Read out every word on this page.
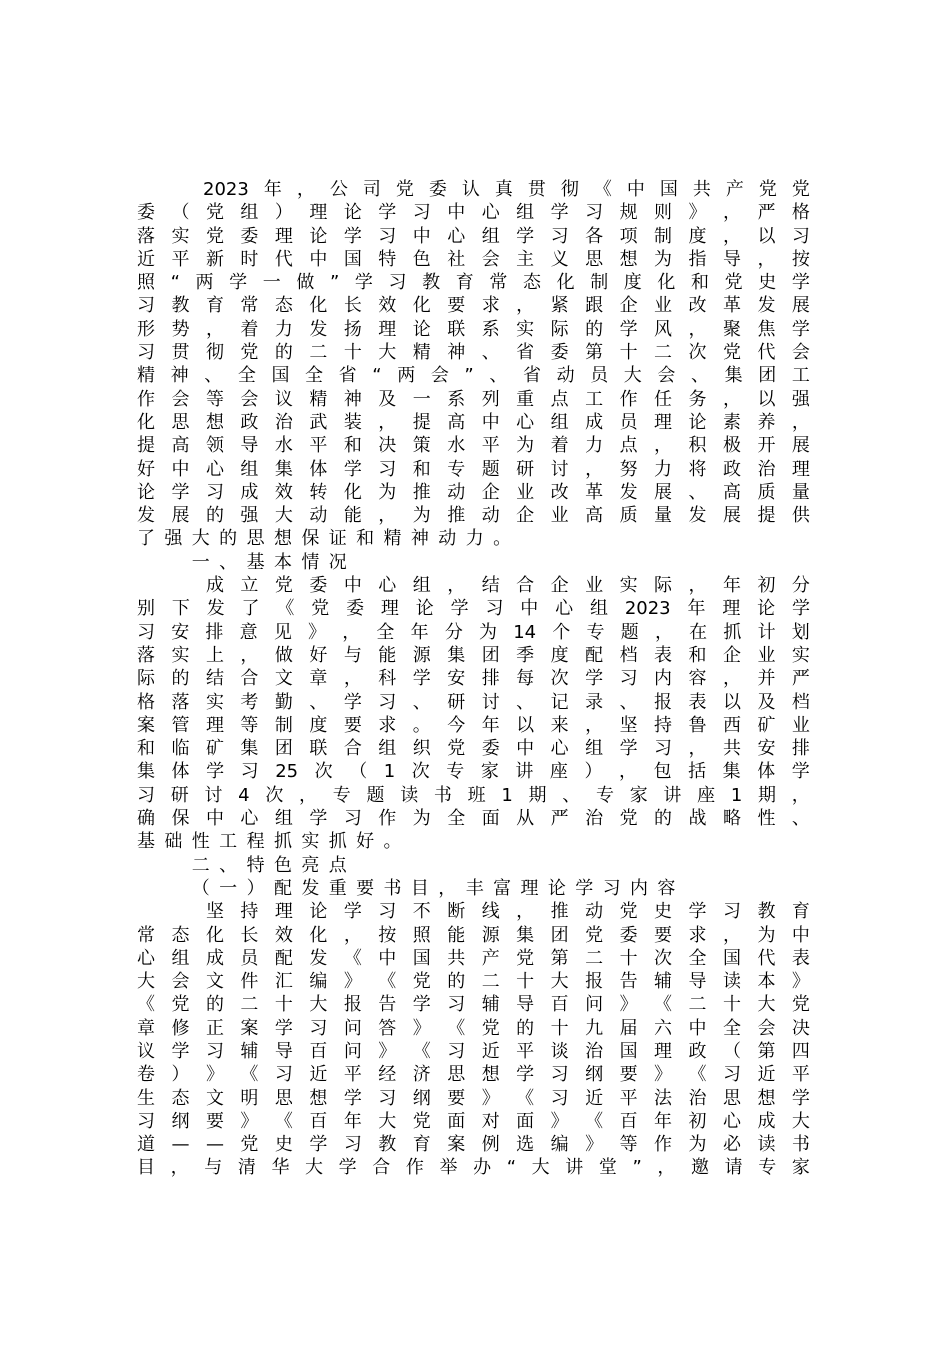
2023 年 ， 公 司 党 委 认 真 贯 彻 《 中 国 共 产 党 党
委 （ 党 组 ） 理 论 学 习 中 心 组 学 习 规 则 》 ， 严 格
落 实 党 委 理 论 学 习 中 心 组 学 习 各 项 制 度 ， 以 习
近 平 新 时 代 中 国 特 色 社 会 主 义 思 想 为 指 导 ， 按
照 “ 两 学 一 做 ” 学 习 教 育 常 态 化 制 度 化 和 党 史 学
习 教 育 常 态 化 长 效 化 要 求 ， 紧 跟 企 业 改 革 发 展
形 势 ， 着 力 发 扬 理 论 联 系 实 际 的 学 风 ， 聚 焦 学
习 贯 彻 党 的 二 十 大 精 神 、 省 委 第 十 二 次 党 代 会
精 神 、 全 国 全 省 “ 两 会 ” 、 省 动 员 大 会 、 集 团 工
作 会 等 会 议 精 神 及 一 系 列 重 点 工 作 任 务 ， 以 强
化 思 想 政 治 武 装 ， 提 高 中 心 组 成 员 理 论 素 养 ，
提 高 领 导 水 平 和 决 策 水 平 为 着 力 点 ， 积 极 开 展
好 中 心 组 集 体 学 习 和 专 题 研 讨 ， 努 力 将 政 治 理
论 学 习 成 效 转 化 为 推 动 企 业 改 革 发 展 、 高 质 量
发 展 的 强 大 动 能 ， 为 推 动 企 业 高 质 量 发 展 提 供
了 强 大 的 思 想 保 证 和 精 神 动 力 。

一 、 基 本 情 况

成 立 党 委 中 心 组 ， 结 合 企 业 实 际 ， 年 初 分
别 下 发 了 《 党 委 理 论 学 习 中 心 组 2023 年 理 论 学
习 安 排 意 见 》 ， 全 年 分 为 14 个 专 题 ， 在 抓 计 划
落 实 上 ， 做 好 与 能 源 集 团 季 度 配 档 表 和 企 业 实
际 的 结 合 文 章 ， 科 学 安 排 每 次 学 习 内 容 ， 并 严
格 落 实 考 勤 、 学 习 、 研 讨 、 记 录 、 报 表 以 及 档
案 管 理 等 制 度 要 求 。 今 年 以 来 ， 坚 持 鲁 西 矿 业
和 临 矿 集 团 联 合 组 织 党 委 中 心 组 学 习 ， 共 安 排
集 体 学 习 25 次 （ 1 次 专 家 讲 座 ） ， 包 括 集 体 学
习 研 讨 4 次 ， 专 题 读 书 班 1 期 、 专 家 讲 座 1 期 ，
确 保 中 心 组 学 习 作 为 全 面 从 严 治 党 的 战 略 性 、
基 础 性 工 程 抓 实 抓 好 。

二 、 特 色 亮 点

（ 一 ） 配 发 重 要 书 目 ， 丰 富 理 论 学 习 内 容

坚 持 理 论 学 习 不 断 线 ， 推 动 党 史 学 习 教 育
常 态 化 长 效 化 ， 按 照 能 源 集 团 党 委 要 求 ， 为 中
心 组 成 员 配 发 《 中 国 共 产 党 第 二 十 次 全 国 代 表
大 会 文 件 汇 编 》 《 党 的 二 十 大 报 告 辅 导 读 本 》
《 党 的 二 十 大 报 告 学 习 辅 导 百 问 》 《 二 十 大 党
章 修 正 案 学 习 问 答 》 《 党 的 十 九 届 六 中 全 会 决
议 学 习 辅 导 百 问 》 《 习 近 平 谈 治 国 理 政 （ 第 四
卷 ） 》 《 习 近 平 经 济 思 想 学 习 纲 要 》 《 习 近 平
生 态 文 明 思 想 学 习 纲 要 》 《 习 近 平 法 治 思 想 学
习 纲 要 》 《 百 年 大 党 面 对 面 》 《 百 年 初 心 成 大
道 — — 党 史 学 习 教 育 案 例 选 编 》 等 作 为 必 读 书
目 ， 与 清 华 大 学 合 作 举 办 “ 大 讲 堂 ” ， 邀 请 专 家
